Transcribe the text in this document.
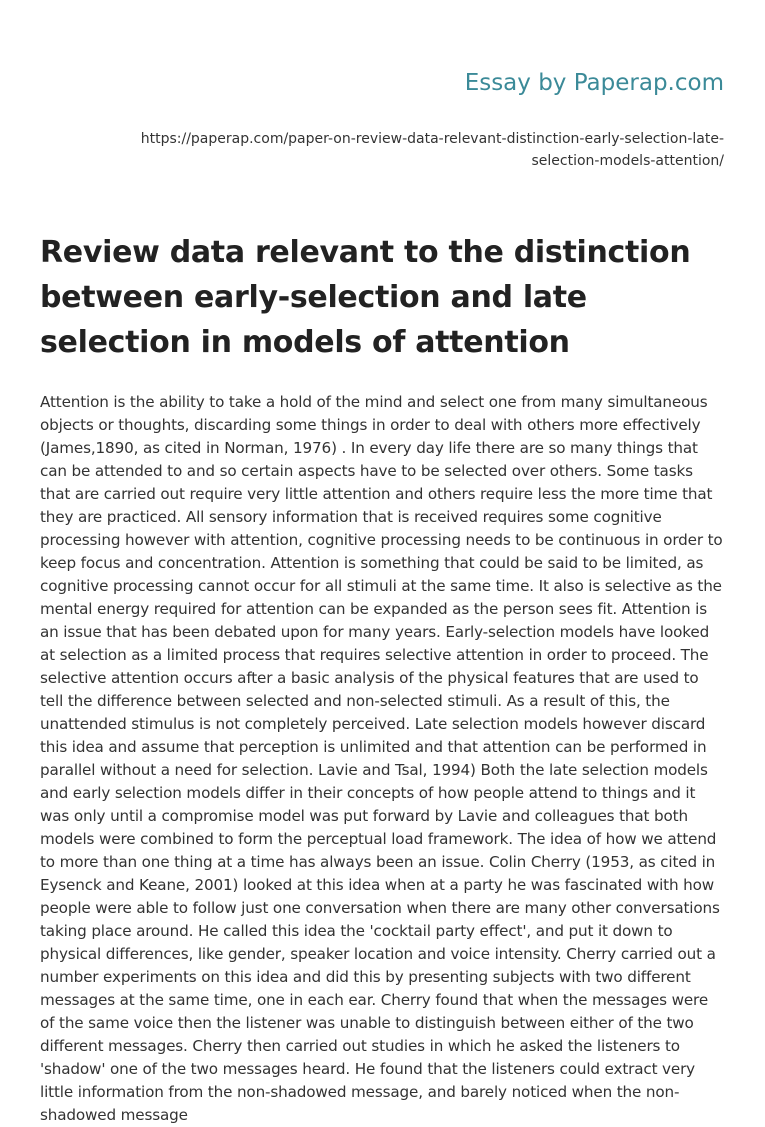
Essay by Paperap.com
https://paperap.com/paper-on-review-data-relevant-distinction-early-selection-late-selection-models-attention/
Review data relevant to the distinction between early-selection and late selection in models of attention

Attention is the ability to take a hold of the mind and select one from many simultaneous objects or thoughts, discarding some things in order to deal with others more effectively (James,1890, as cited in Norman, 1976) . In every day life there are so many things that can be attended to and so certain aspects have to be selected over others. Some tasks that are carried out require very little attention and others require less the more time that they are practiced. All sensory information that is received requires some cognitive processing however with attention, cognitive processing needs to be continuous in order to keep focus and concentration. Attention is something that could be said to be limited, as cognitive processing cannot occur for all stimuli at the same time. It also is selective as the mental energy required for attention can be expanded as the person sees fit. Attention is an issue that has been debated upon for many years. Early-selection models have looked at selection as a limited process that requires selective attention in order to proceed. The selective attention occurs after a basic analysis of the physical features that are used to tell the difference between selected and non-selected stimuli. As a result of this, the unattended stimulus is not completely perceived. Late selection models however discard this idea and assume that perception is unlimited and that attention can be performed in parallel without a need for selection. Lavie and Tsal, 1994) Both the late selection models and early selection models differ in their concepts of how people attend to things and it was only until a compromise model was put forward by Lavie and colleagues that both models were combined to form the perceptual load framework. The idea of how we attend to more than one thing at a time has always been an issue. Colin Cherry (1953, as cited in Eysenck and Keane, 2001) looked at this idea when at a party he was fascinated with how people were able to follow just one conversation when there are many other conversations taking place around. He called this idea the 'cocktail party effect', and put it down to physical differences, like gender, speaker location and voice intensity. Cherry carried out a number experiments on this idea and did this by presenting subjects with two different messages at the same time, one in each ear. Cherry found that when the messages were of the same voice then the listener was unable to distinguish between either of the two different messages. Cherry then carried out studies in which he asked the listeners to 'shadow' one of the two messages heard. He found that the listeners could extract very little information from the non-shadowed message, and barely noticed when the non-shadowed message
